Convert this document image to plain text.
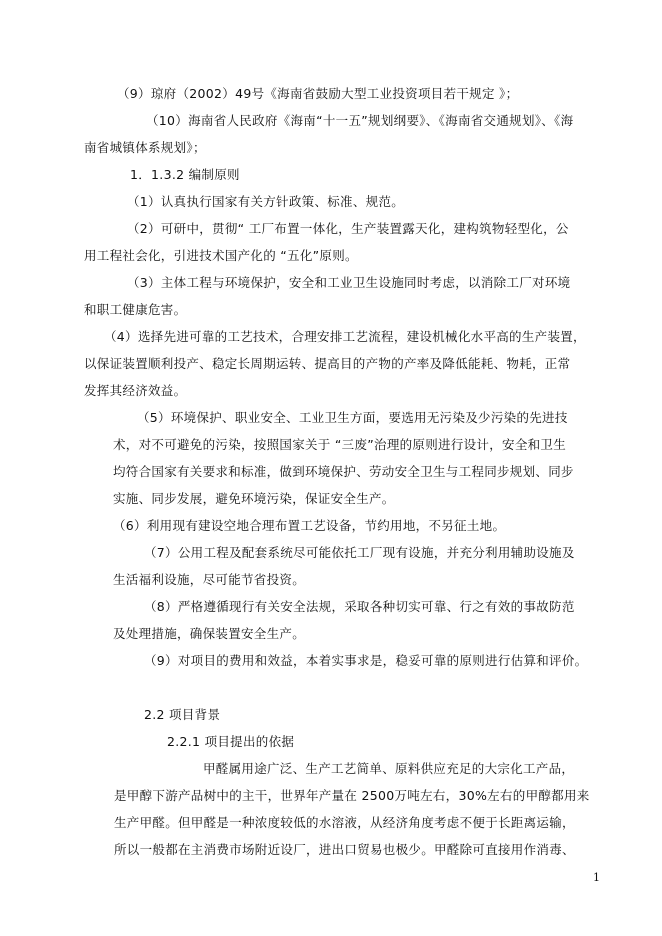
（9）琼府（2002）49号《海南省鼓励大型工业投资项目若干规定 》；
（10）海南省人民政府《海南“十一五”规划纲要》、《海南省交通规划》、《海
南省城镇体系规划》；
1．1.3.2 编制原则
（1）认真执行国家有关方针政策、标准、规范。
（2）可研中，贯彻“ 工厂布置一体化，生产装置露天化，建构筑物轻型化，公
用工程社会化，引进技术国产化的 “五化”原则。
（3）主体工程与环境保护，安全和工业卫生设施同时考虑，以消除工厂对环境
和职工健康危害。
（4）选择先进可靠的工艺技术，合理安排工艺流程，建设机械化水平高的生产装置，
以保证装置顺利投产、稳定长周期运转、提高目的产物的产率及降低能耗、物耗，正常
发挥其经济效益。
（5）环境保护、职业安全、工业卫生方面，要选用无污染及少污染的先进技
术，对不可避免的污染，按照国家关于 “三废”治理的原则进行设计，安全和卫生
均符合国家有关要求和标准，做到环境保护、劳动安全卫生与工程同步规划、同步
实施、同步发展，避免环境污染，保证安全生产。
（6）利用现有建设空地合理布置工艺设备，节约用地，不另征土地。
（7）公用工程及配套系统尽可能依托工厂现有设施，并充分利用辅助设施及
生活福利设施，尽可能节省投资。
（8）严格遵循现行有关安全法规，采取各种切实可靠、行之有效的事故防范
及处理措施，确保装置安全生产。
（9）对项目的费用和效益，本着实事求是，稳妥可靠的原则进行估算和评价。
2.2 项目背景
2.2.1 项目提出的依据
甲醛属用途广泛、生产工艺简单、原料供应充足的大宗化工产品，
是甲醇下游产品树中的主干，世界年产量在 2500万吨左右，30%左右的甲醇都用来
生产甲醛。但甲醛是一种浓度较低的水溶液，从经济角度考虑不便于长距离运输，
所以一般都在主消费市场附近设厂，进出口贸易也极少。甲醛除可直接用作消毒、
1
